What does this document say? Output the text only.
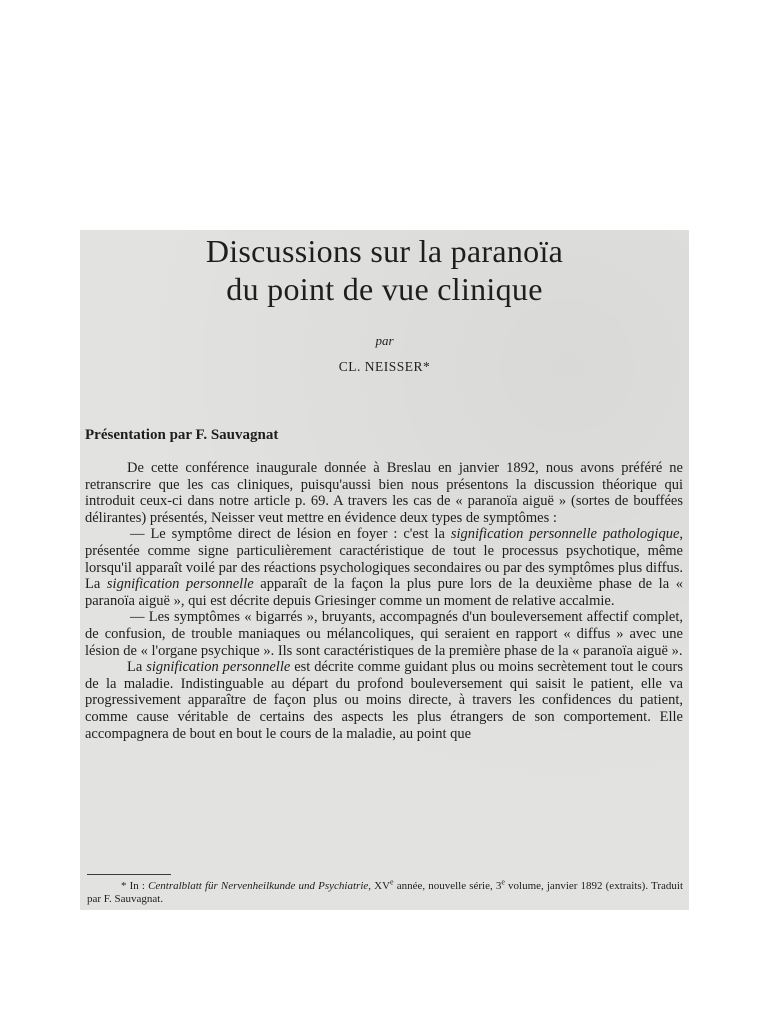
Discussions sur la paranoïa
du point de vue clinique
par
CL. NEISSER*
Présentation par F. Sauvagnat

De cette conférence inaugurale donnée à Breslau en janvier 1892, nous avons préféré ne retranscrire que les cas cliniques, puisqu'aussi bien nous présentons la discussion théorique qui introduit ceux-ci dans notre article p. 69. A travers les cas de « paranoïa aiguë » (sortes de bouffées délirantes) présentés, Neisser veut mettre en évidence deux types de symptômes :

— Le symptôme direct de lésion en foyer : c'est la signification personnelle pathologique, présentée comme signe particulièrement caractéristique de tout le processus psychotique, même lorsqu'il apparaît voilé par des réactions psychologiques secondaires ou par des symptômes plus diffus. La signification personnelle apparaît de la façon la plus pure lors de la deuxième phase de la « paranoïa aiguë », qui est décrite depuis Griesinger comme un moment de relative accalmie.

— Les symptômes « bigarrés », bruyants, accompagnés d'un bouleversement affectif complet, de confusion, de trouble maniaques ou mélancoliques, qui seraient en rapport « diffus » avec une lésion de « l'organe psychique ». Ils sont caractéristiques de la première phase de la « paranoïa aiguë ».

La signification personnelle est décrite comme guidant plus ou moins secrètement tout le cours de la maladie. Indistinguable au départ du profond bouleversement qui saisit le patient, elle va progressivement apparaître de façon plus ou moins directe, à travers les confidences du patient, comme cause véritable de certains des aspects les plus étrangers de son comportement. Elle accompagnera de bout en bout le cours de la maladie, au point que

* In : Centralblatt für Nervenheilkunde und Psychiatrie, XVe année, nouvelle série, 3e volume, janvier 1892 (extraits). Traduit par F. Sauvagnat.
